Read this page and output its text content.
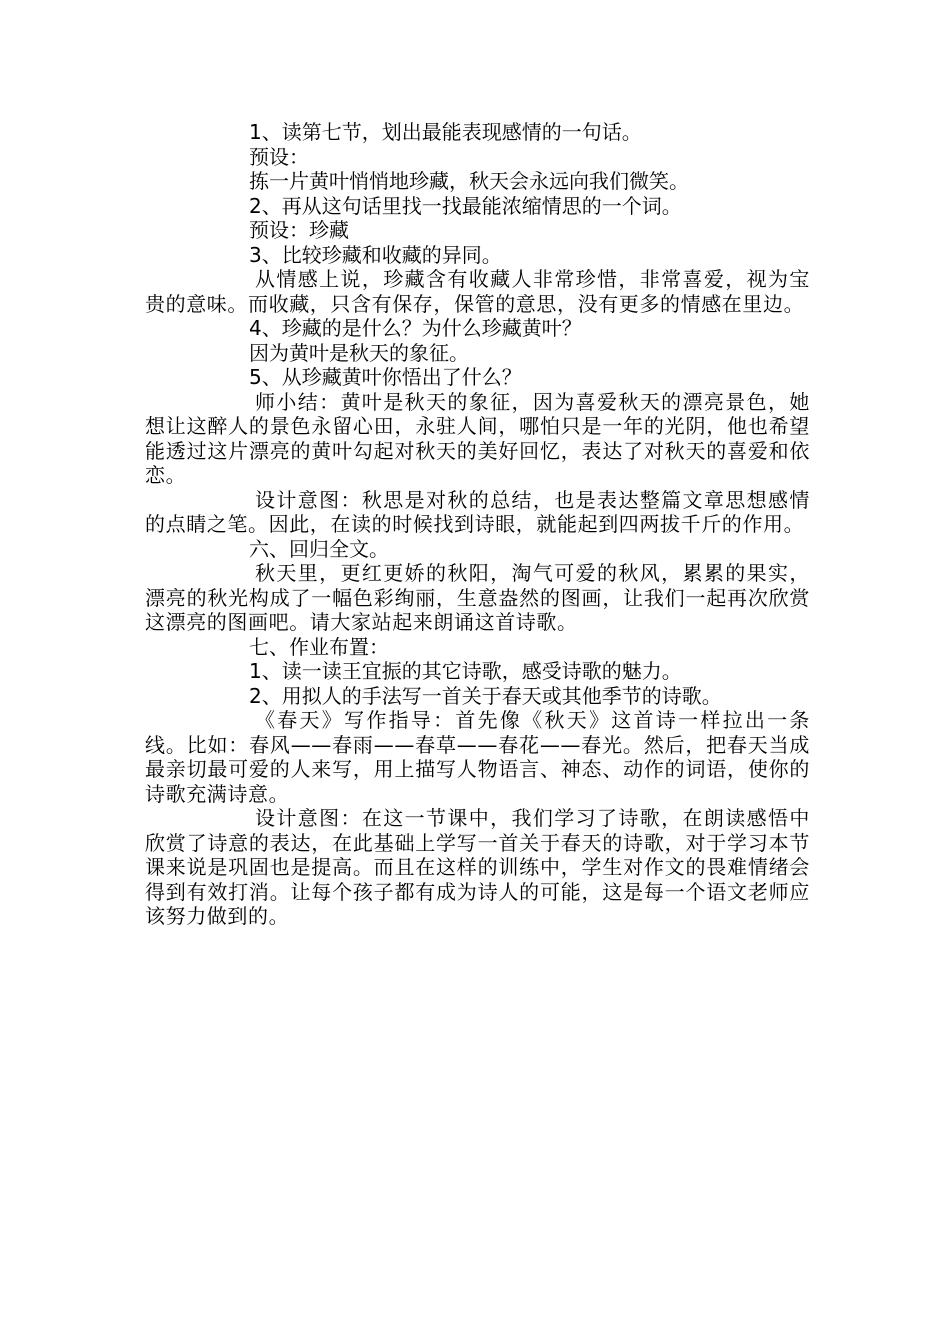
1、读第七节，划出最能表现感情的一句话。

预设：

拣一片黄叶悄悄地珍藏，秋天会永远向我们微笑。

2、再从这句话里找一找最能浓缩情思的一个词。

预设：珍藏

3、比较珍藏和收藏的异同。

从情感上说，珍藏含有收藏人非常珍惜，非常喜爱，视为宝贵的意味。而收藏，只含有保存，保管的意思，没有更多的情感在里边。

4、珍藏的是什么？为什么珍藏黄叶？

因为黄叶是秋天的象征。

5、从珍藏黄叶你悟出了什么？

师小结：黄叶是秋天的象征，因为喜爱秋天的漂亮景色，她想让这醉人的景色永留心田，永驻人间，哪怕只是一年的光阴，他也希望能透过这片漂亮的黄叶勾起对秋天的美好回忆，表达了对秋天的喜爱和依恋。

设计意图：秋思是对秋的总结，也是表达整篇文章思想感情的点睛之笔。因此，在读的时候找到诗眼，就能起到四两拔千斤的作用。

六、回归全文。

秋天里，更红更娇的秋阳，淘气可爱的秋风，累累的果实，漂亮的秋光构成了一幅色彩绚丽，生意盎然的图画，让我们一起再次欣赏这漂亮的图画吧。请大家站起来朗诵这首诗歌。

七、作业布置：

1、读一读王宜振的其它诗歌，感受诗歌的魅力。

2、用拟人的手法写一首关于春天或其他季节的诗歌。

《春天》写作指导：首先像《秋天》这首诗一样拉出一条线。比如：春风——春雨——春草——春花——春光。然后，把春天当成最亲切最可爱的人来写，用上描写人物语言、神态、动作的词语，使你的诗歌充满诗意。

设计意图：在这一节课中，我们学习了诗歌，在朗读感悟中欣赏了诗意的表达，在此基础上学写一首关于春天的诗歌，对于学习本节课来说是巩固也是提高。而且在这样的训练中，学生对作文的畏难情绪会得到有效打消。让每个孩子都有成为诗人的可能，这是每一个语文老师应该努力做到的。
